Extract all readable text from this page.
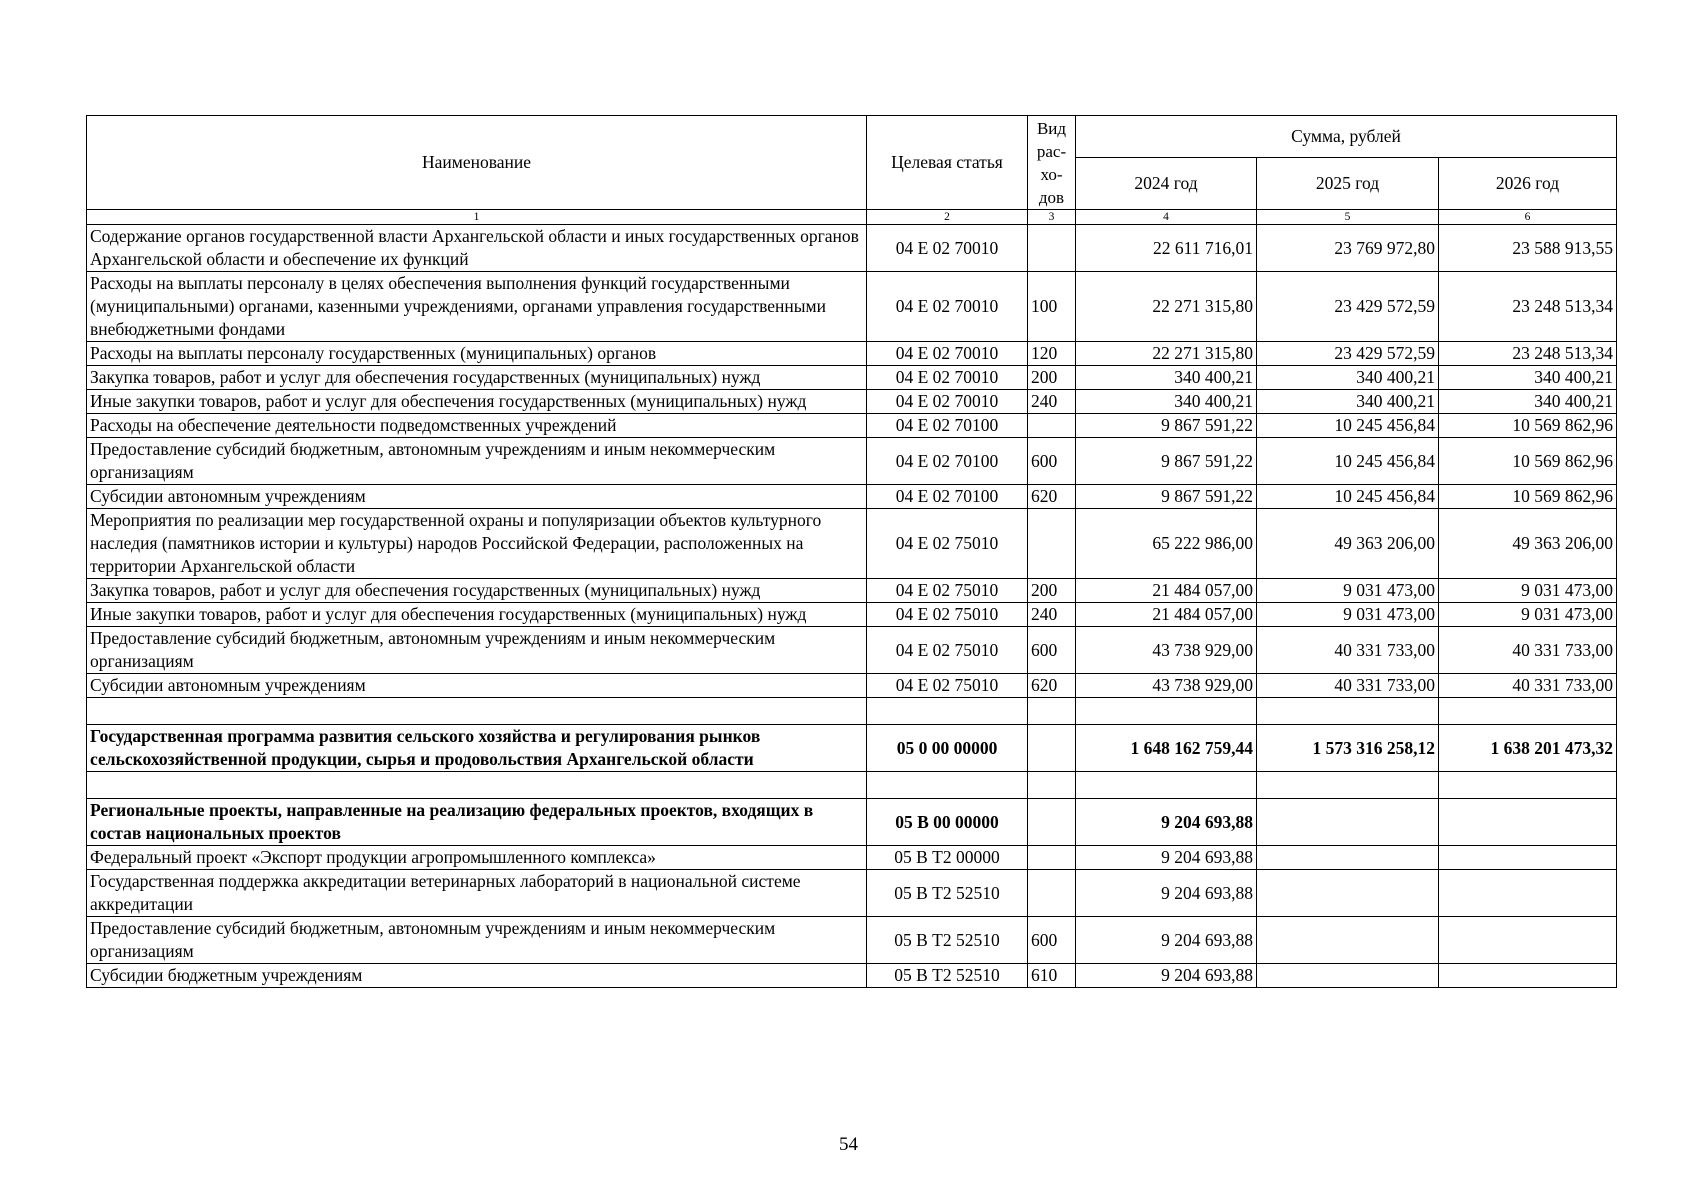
Наименование	Целевая статья	Вид рас- хо- дов	Сумма, рублей		
			2024 год	2025 год	2026 год
1	2	3	4	5	6
Содержание органов государственной власти Архангельской области и иных государственных органов Архангельской области и обеспечение их функций	04 Е 02 70010		22 611 716,01	23 769 972,80	23 588 913,55
Расходы на выплаты персоналу в целях обеспечения выполнения функций государственными (муниципальными) органами, казенными учреждениями, органами управления государственными внебюджетными фондами	04 Е 02 70010	100	22 271 315,80	23 429 572,59	23 248 513,34
Расходы на выплаты персоналу государственных (муниципальных) органов	04 Е 02 70010	120	22 271 315,80	23 429 572,59	23 248 513,34
Закупка товаров, работ и услуг для обеспечения государственных (муниципальных) нужд	04 Е 02 70010	200	340 400,21	340 400,21	340 400,21
Иные закупки товаров, работ и услуг для обеспечения государственных (муниципальных) нужд	04 Е 02 70010	240	340 400,21	340 400,21	340 400,21
Расходы на обеспечение деятельности подведомственных учреждений	04 Е 02 70100		9 867 591,22	10 245 456,84	10 569 862,96
Предоставление субсидий бюджетным, автономным учреждениям и иным некоммерческим организациям	04 Е 02 70100	600	9 867 591,22	10 245 456,84	10 569 862,96
Субсидии автономным учреждениям	04 Е 02 70100	620	9 867 591,22	10 245 456,84	10 569 862,96
Мероприятия по реализации мер государственной охраны и популяризации объектов культурного наследия (памятников истории и культуры) народов Российской Федерации, расположенных на территории Архангельской области	04 Е 02 75010		65 222 986,00	49 363 206,00	49 363 206,00
Закупка товаров, работ и услуг для обеспечения государственных (муниципальных) нужд	04 Е 02 75010	200	21 484 057,00	9 031 473,00	9 031 473,00
Иные закупки товаров, работ и услуг для обеспечения государственных (муниципальных) нужд	04 Е 02 75010	240	21 484 057,00	9 031 473,00	9 031 473,00
Предоставление субсидий бюджетным, автономным учреждениям и иным некоммерческим организациям	04 Е 02 75010	600	43 738 929,00	40 331 733,00	40 331 733,00
Субсидии автономным учреждениям	04 Е 02 75010	620	43 738 929,00	40 331 733,00	40 331 733,00

Государственная программа развития сельского хозяйства и регулирования рынков сельскохозяйственной продукции, сырья и продовольствия Архангельской области	05 0 00 00000		1 648 162 759,44	1 573 316 258,12	1 638 201 473,32

Региональные проекты, направленные на реализацию федеральных проектов, входящих в состав национальных проектов	05 В 00 00000		9 204 693,88		
Федеральный проект «Экспорт продукции агропромышленного комплекса»	05 В Т2 00000		9 204 693,88		
Государственная поддержка аккредитации ветеринарных лабораторий в национальной системе аккредитации	05 В Т2 52510		9 204 693,88		
Предоставление субсидий бюджетным, автономным учреждениям и иным некоммерческим организациям	05 В Т2 52510	600	9 204 693,88		
Субсидии бюджетным учреждениям	05 В Т2 52510	610	9 204 693,88		
54
